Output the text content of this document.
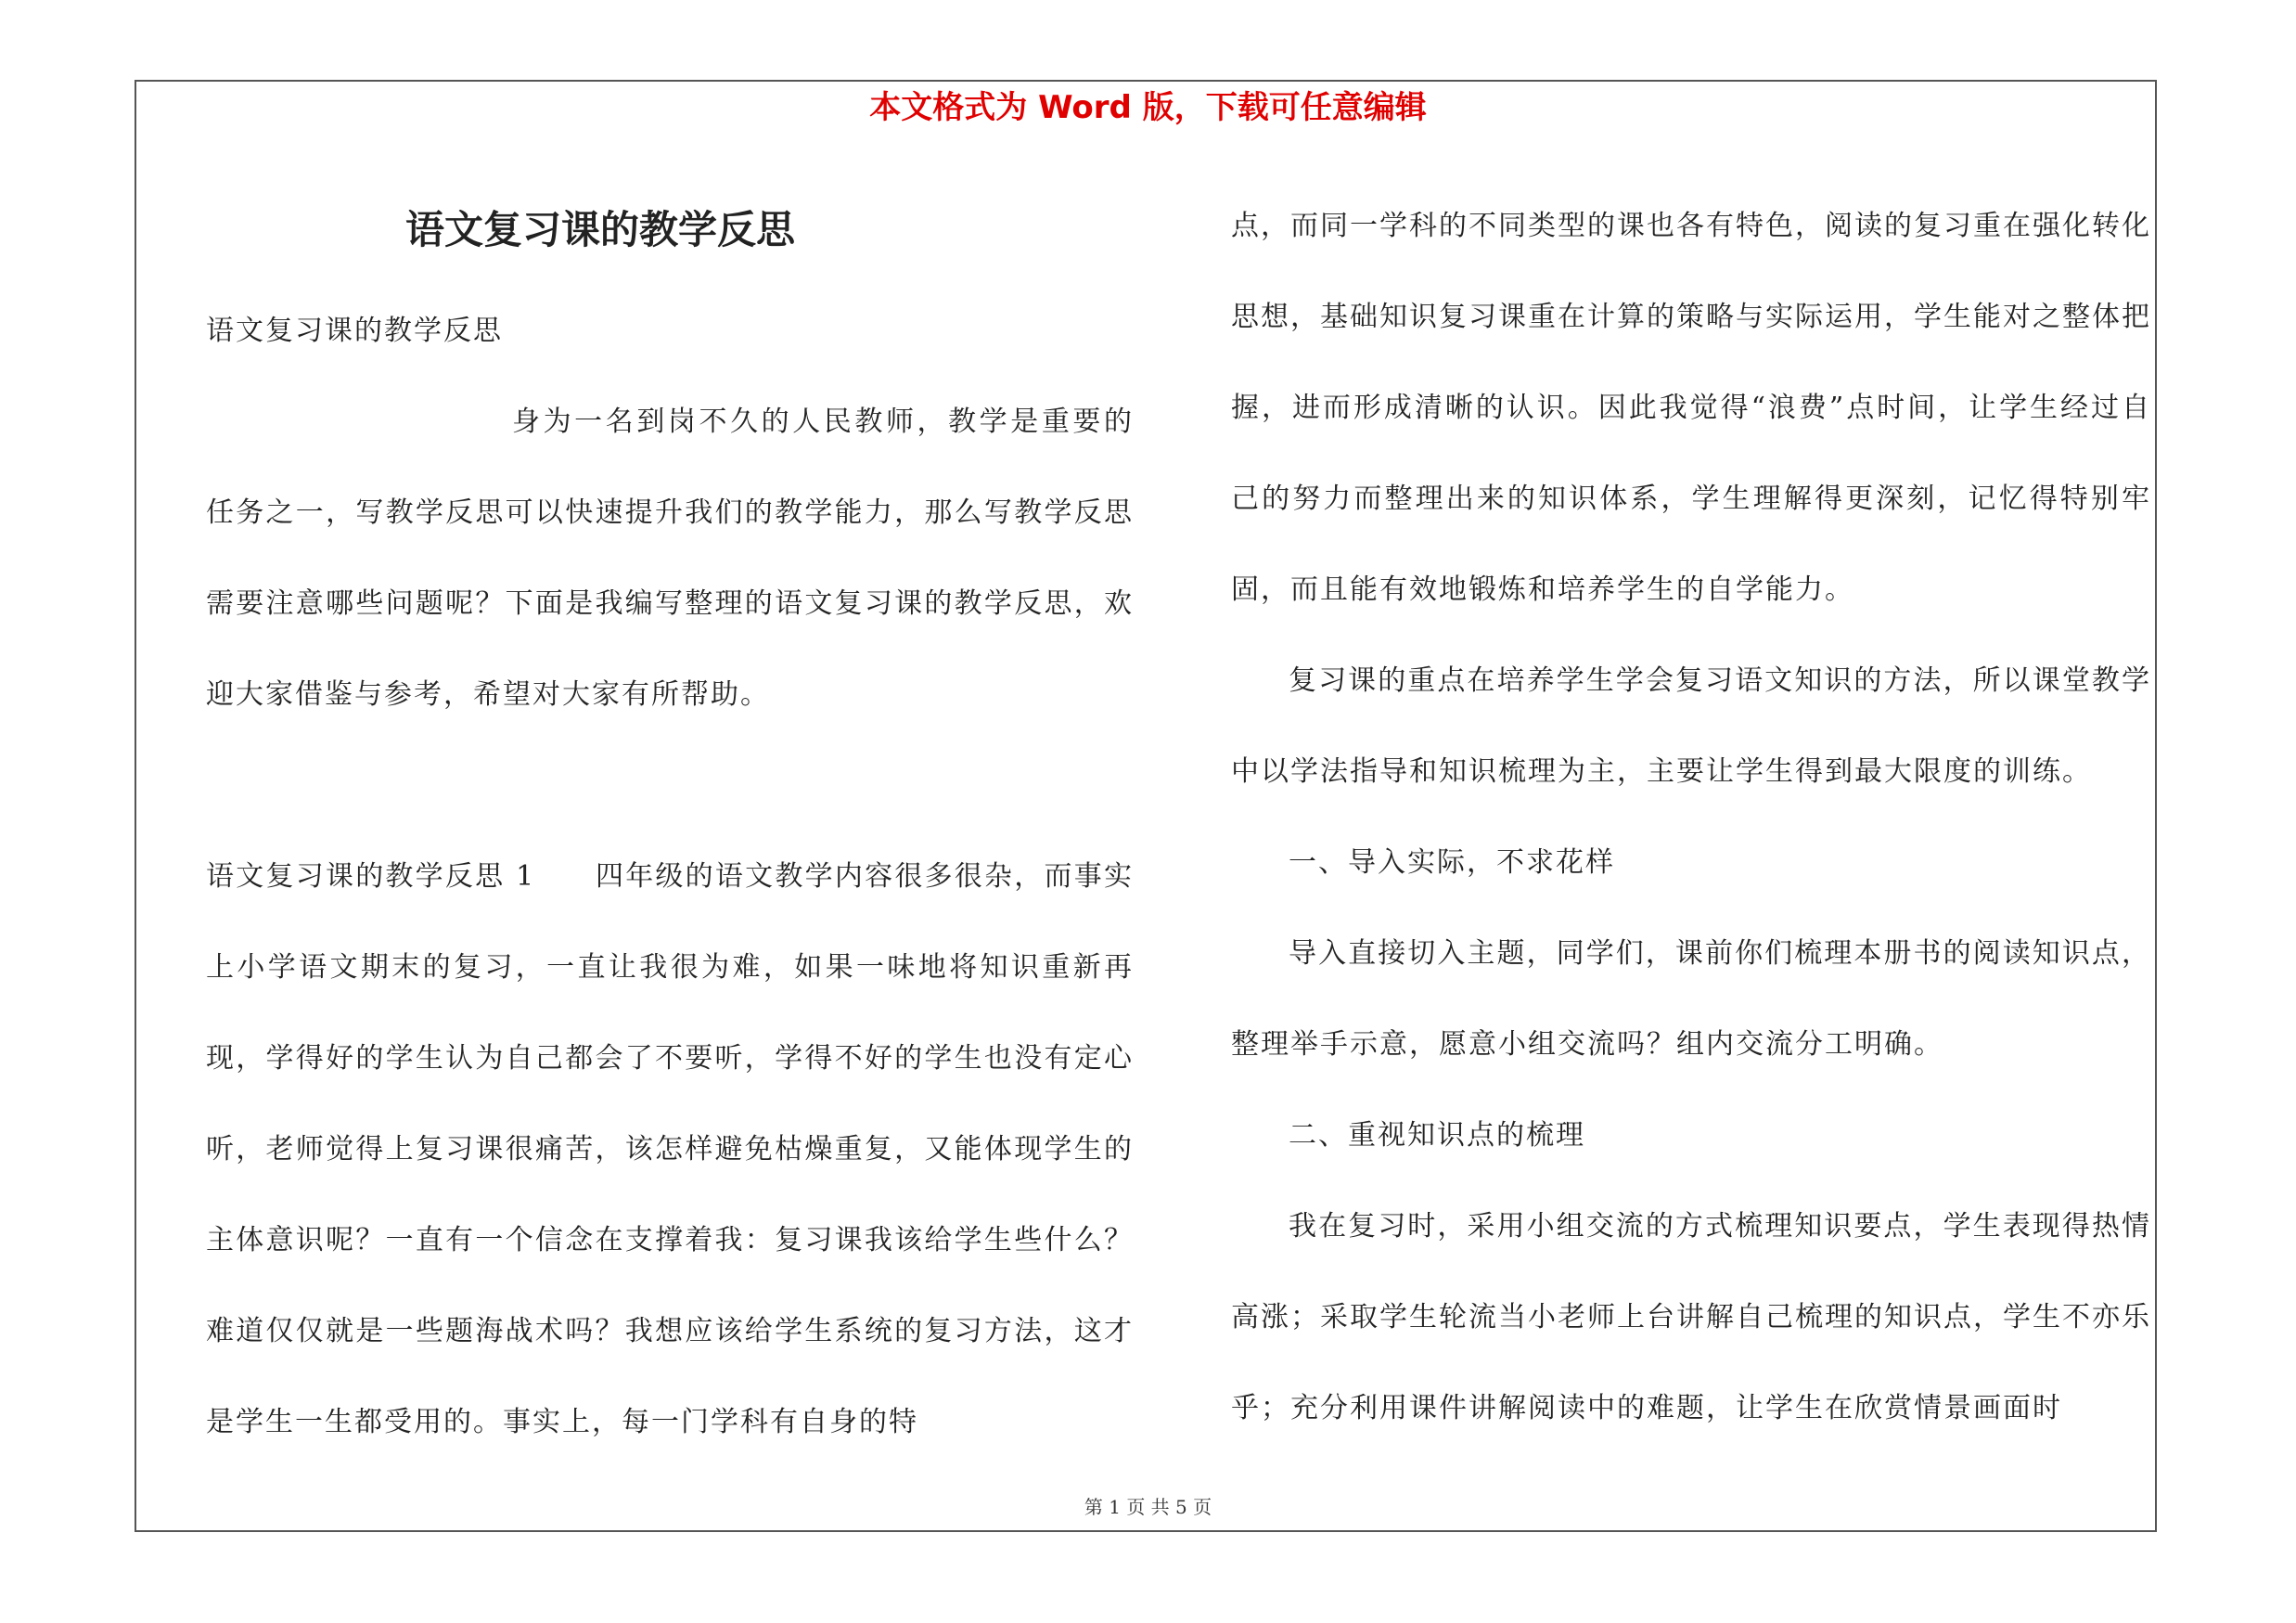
本文格式为 Word 版，下载可任意编辑
语文复习课的教学反思

语文复习课的教学反思

身为一名到岗不久的人民教师，教学是重要的任务之一，写教学反思可以快速提升我们的教学能力，那么写教学反思需要注意哪些问题呢？下面是我编写整理的语文复习课的教学反思，欢迎大家借鉴与参考，希望对大家有所帮助。

语文复习课的教学反思 1　　四年级的语文教学内容很多很杂，而事实上小学语文期末的复习，一直让我很为难，如果一味地将知识重新再现，学得好的学生认为自己都会了不要听，学得不好的学生也没有定心听，老师觉得上复习课很痛苦，该怎样避免枯燥重复，又能体现学生的主体意识呢？一直有一个信念在支撑着我：复习课我该给学生些什么？难道仅仅就是一些题海战术吗？我想应该给学生系统的复习方法，这才是学生一生都受用的。事实上，每一门学科有自身的特

点，而同一学科的不同类型的课也各有特色，阅读的复习重在强化转化思想，基础知识复习课重在计算的策略与实际运用，学生能对之整体把握，进而形成清晰的认识。因此我觉得“浪费”点时间，让学生经过自己的努力而整理出来的知识体系，学生理解得更深刻，记忆得特别牢固，而且能有效地锻炼和培养学生的自学能力。

复习课的重点在培养学生学会复习语文知识的方法，所以课堂教学中以学法指导和知识梳理为主，主要让学生得到最大限度的训练。

一、导入实际，不求花样

导入直接切入主题，同学们，课前你们梳理本册书的阅读知识点，整理举手示意，愿意小组交流吗？组内交流分工明确。

二、重视知识点的梳理

我在复习时，采用小组交流的方式梳理知识要点，学生表现得热情高涨；采取学生轮流当小老师上台讲解自己梳理的知识点，学生不亦乐乎；充分利用课件讲解阅读中的难题，让学生在欣赏情景画面时

第 1 页 共 5 页
